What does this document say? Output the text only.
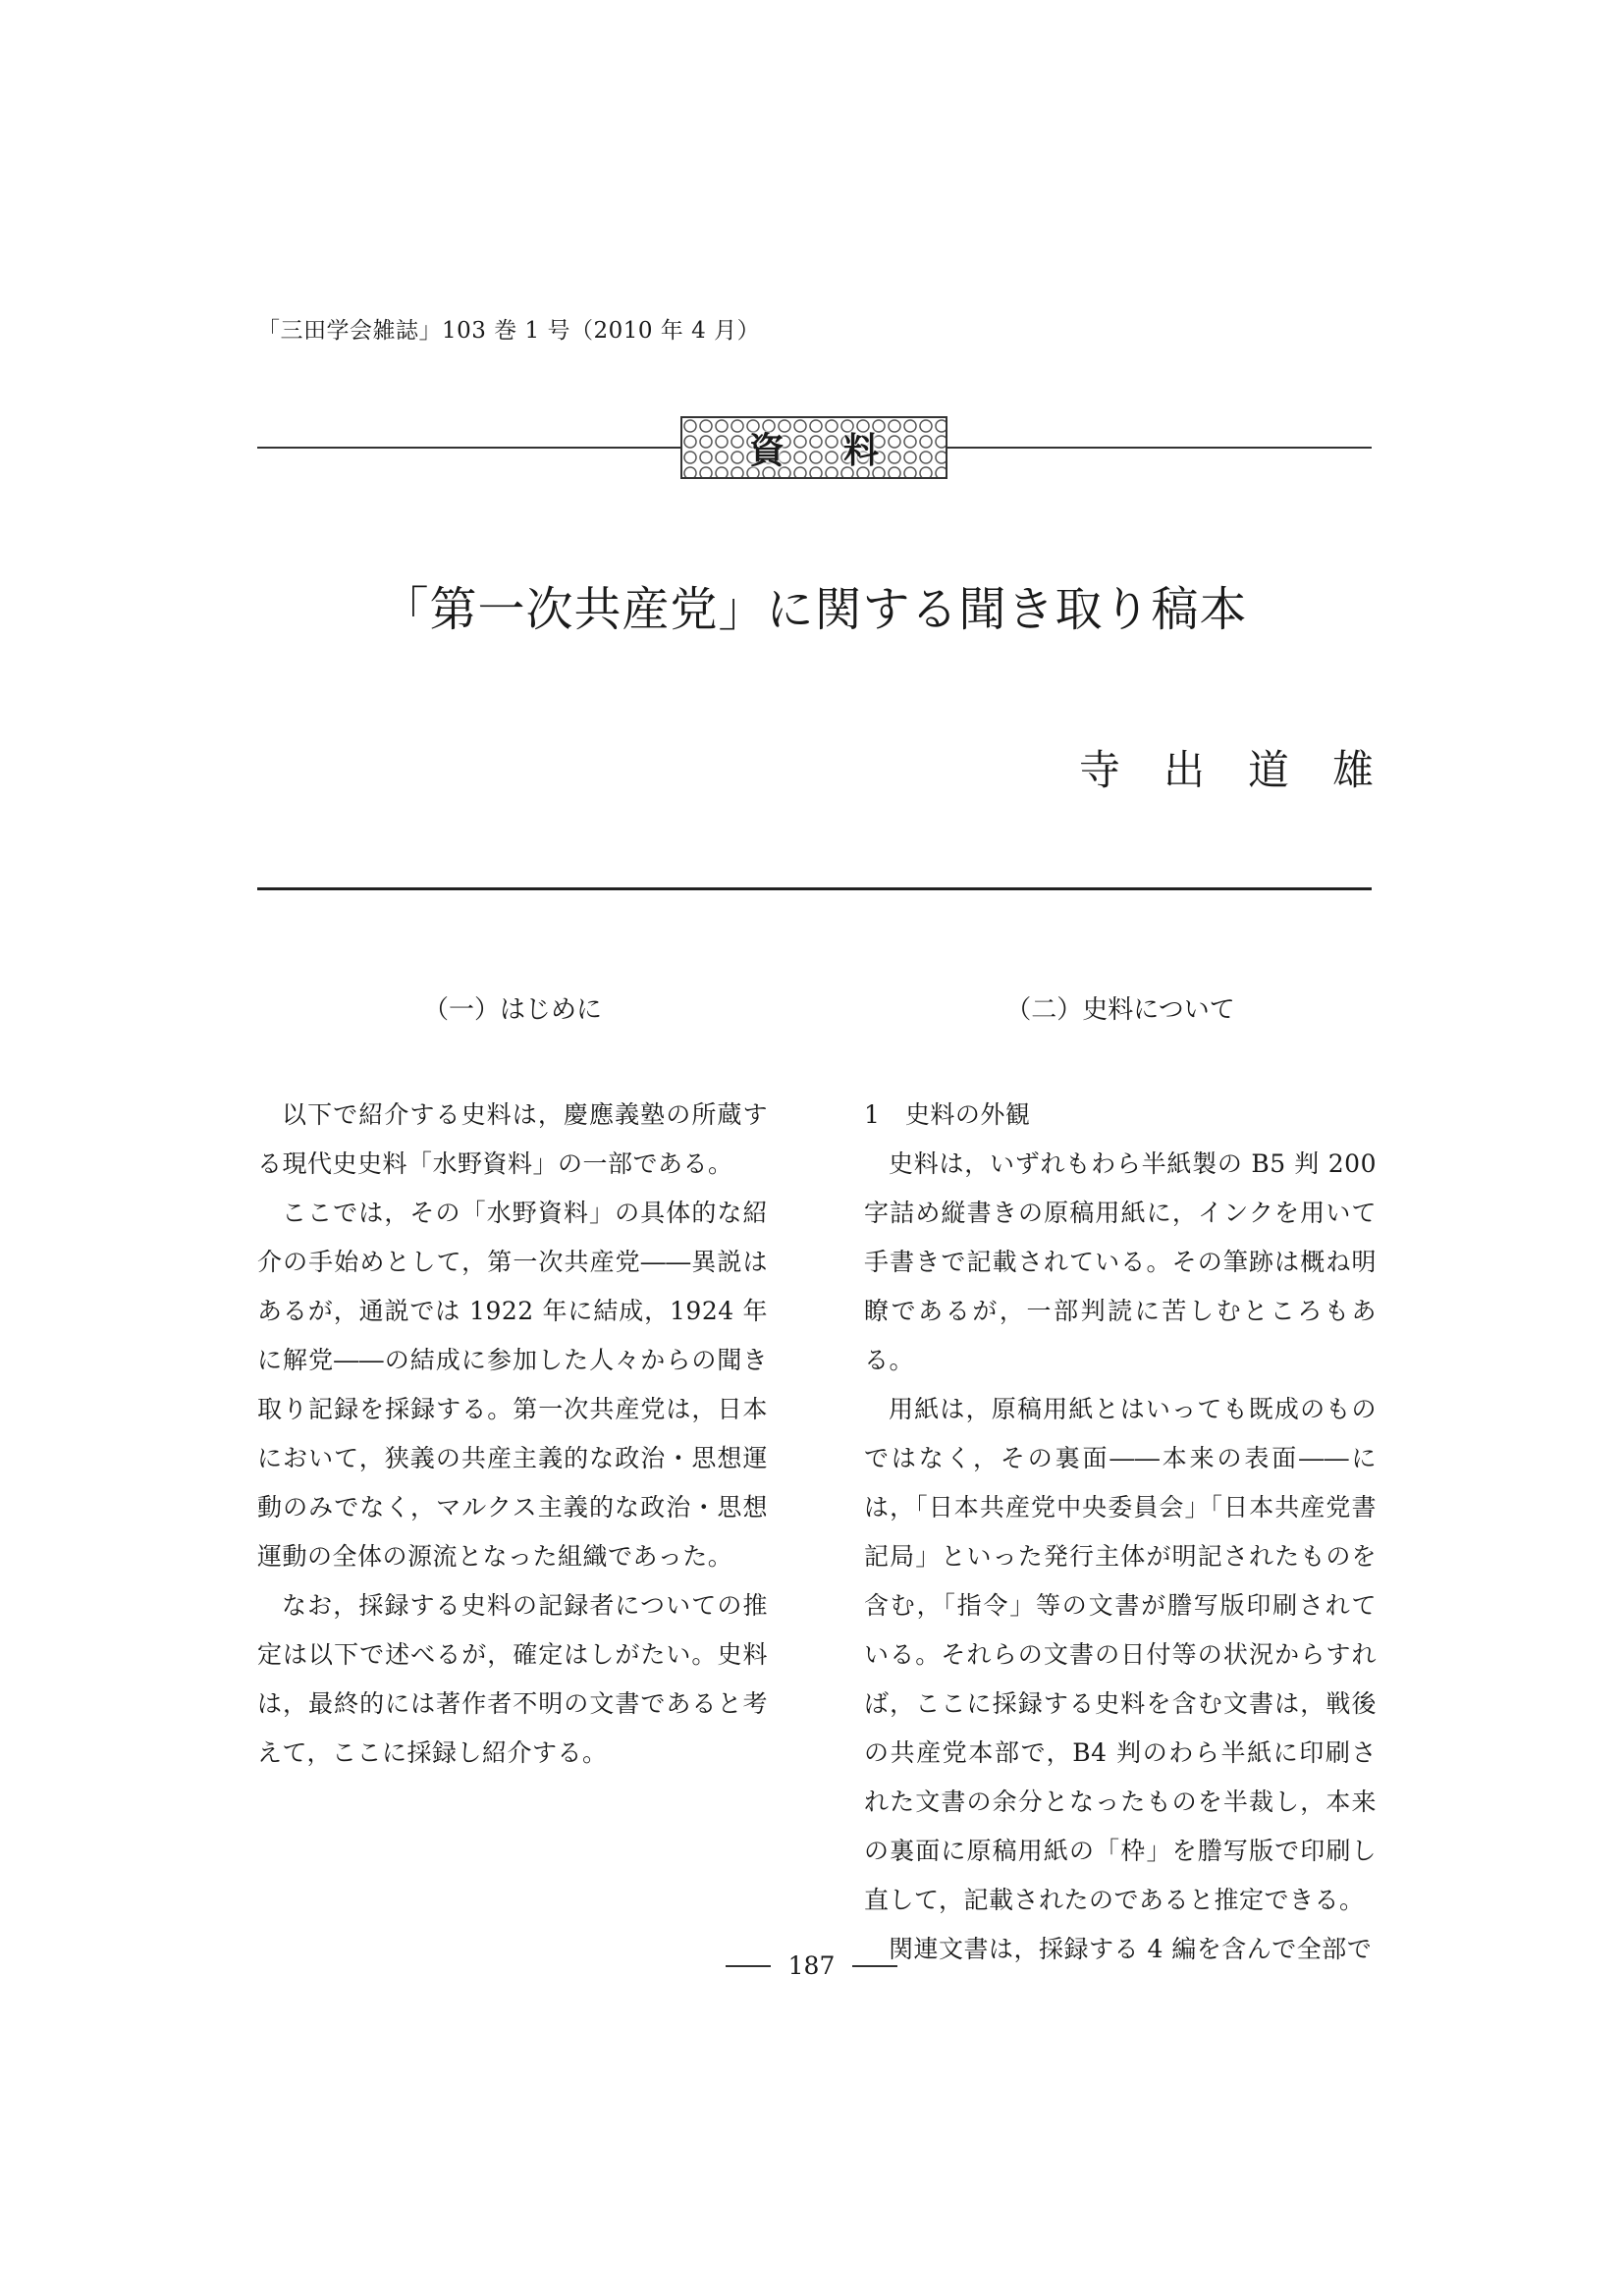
「三田学会雑誌」103 巻 1 号（2010 年 4 月）
資料
「第一次共産党」に関する聞き取り稿本
寺出道雄
（一）はじめに

以下で紹介する史料は，慶應義塾の所蔵する現代史史料「水野資料」の一部である。

ここでは，その「水野資料」の具体的な紹介の手始めとして，第一次共産党――異説はあるが，通説では 1922 年に結成，1924 年に解党――の結成に参加した人々からの聞き取り記録を採録する。第一次共産党は，日本において，狭義の共産主義的な政治・思想運動のみでなく，マルクス主義的な政治・思想運動の全体の源流となった組織であった。

なお，採録する史料の記録者についての推定は以下で述べるが，確定はしがたい。史料は，最終的には著作者不明の文書であると考えて，ここに採録し紹介する。

（二）史料について

1　史料の外観

史料は，いずれもわら半紙製の B5 判 200 字詰め縦書きの原稿用紙に，インクを用いて手書きで記載されている。その筆跡は概ね明瞭であるが，一部判読に苦しむところもある。

用紙は，原稿用紙とはいっても既成のものではなく，その裏面――本来の表面――には，「日本共産党中央委員会」「日本共産党書記局」といった発行主体が明記されたものを含む，「指令」等の文書が謄写版印刷されている。それらの文書の日付等の状況からすれば，ここに採録する史料を含む文書は，戦後の共産党本部で，B4 判のわら半紙に印刷された文書の余分となったものを半裁し，本来の裏面に原稿用紙の「枠」を謄写版で印刷し直して，記載されたのであると推定できる。

関連文書は，採録する 4 編を含んで全部で

187
